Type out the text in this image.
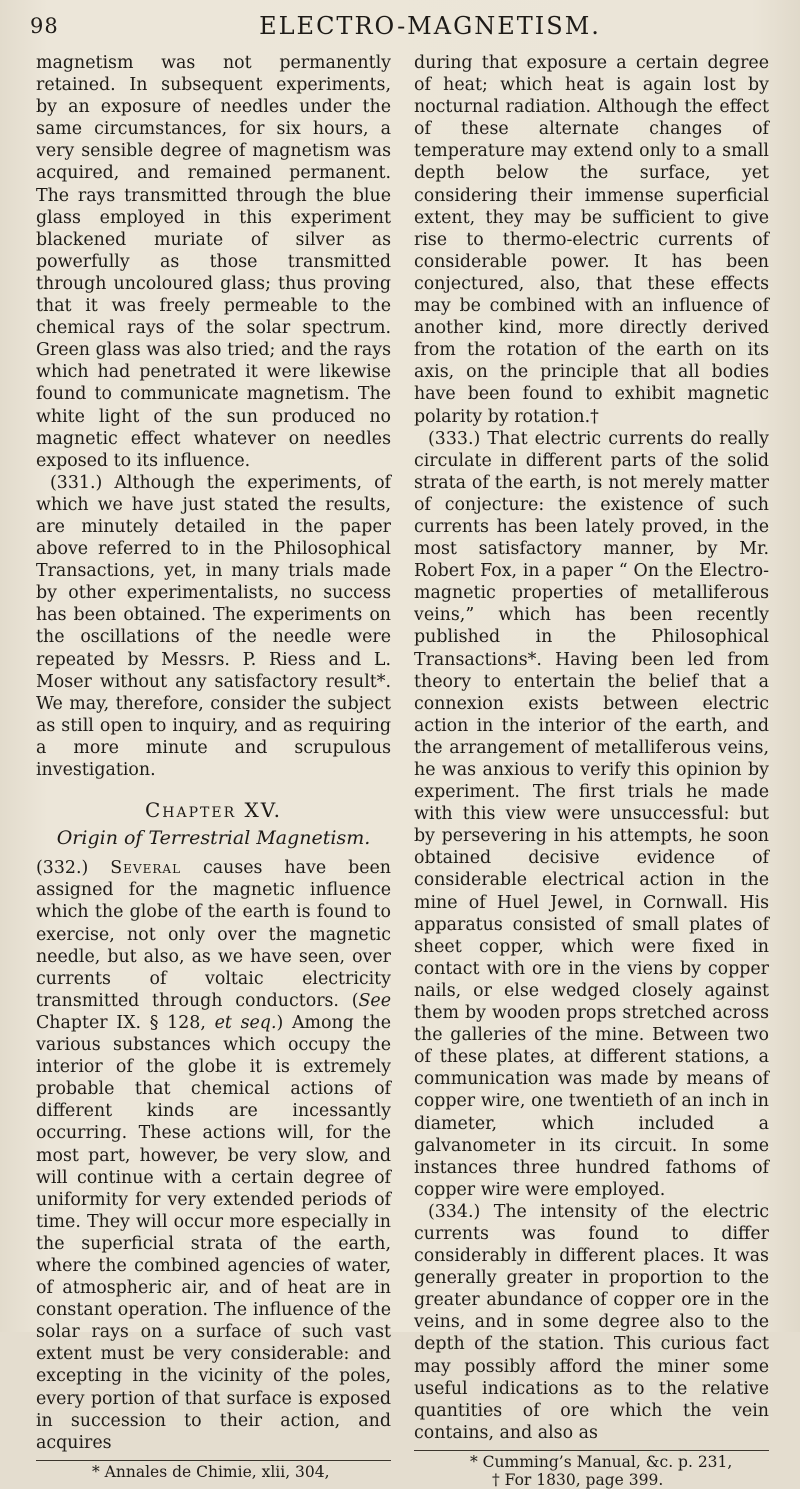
98	ELECTRO-MAGNETISM.

magnetism was not permanently retained. In subsequent experiments, by an exposure of needles under the same circumstances, for six hours, a very sensible degree of magnetism was acquired, and remained permanent. The rays transmitted through the blue glass employed in this experiment blackened muriate of silver as powerfully as those transmitted through uncoloured glass; thus proving that it was freely permeable to the chemical rays of the solar spectrum. Green glass was also tried; and the rays which had penetrated it were likewise found to communicate magnetism. The white light of the sun produced no magnetic effect whatever on needles exposed to its influence.

(331.) Although the experiments, of which we have just stated the results, are minutely detailed in the paper above referred to in the Philosophical Transactions, yet, in many trials made by other experimentalists, no success has been obtained. The experiments on the oscillations of the needle were repeated by Messrs. P. Riess and L. Moser without any satisfactory result*. We may, therefore, consider the subject as still open to inquiry, and as requiring a more minute and scrupulous investigation.

Chapter XV.
Origin of Terrestrial Magnetism.

(332.) Several causes have been assigned for the magnetic influence which the globe of the earth is found to exercise, not only over the magnetic needle, but also, as we have seen, over currents of voltaic electricity transmitted through conductors. (See Chapter IX. § 128, et seq.) Among the various substances which occupy the interior of the globe it is extremely probable that chemical actions of different kinds are incessantly occurring. These actions will, for the most part, however, be very slow, and will continue with a certain degree of uniformity for very extended periods of time. They will occur more especially in the superficial strata of the earth, where the combined agencies of water, of atmospheric air, and of heat are in constant operation. The influence of the solar rays on a surface of such vast extent must be very considerable: and excepting in the vicinity of the poles, every portion of that surface is exposed in succession to their action, and acquires

* Annales de Chimie, xlii, 304,

during that exposure a certain degree of heat; which heat is again lost by nocturnal radiation. Although the effect of these alternate changes of temperature may extend only to a small depth below the surface, yet considering their immense superficial extent, they may be sufficient to give rise to thermo-electric currents of considerable power. It has been conjectured, also, that these effects may be combined with an influence of another kind, more directly derived from the rotation of the earth on its axis, on the principle that all bodies have been found to exhibit magnetic polarity by rotation.†

(333.) That electric currents do really circulate in different parts of the solid strata of the earth, is not merely matter of conjecture: the existence of such currents has been lately proved, in the most satisfactory manner, by Mr. Robert Fox, in a paper “ On the Electro-magnetic properties of metalliferous veins,” which has been recently published in the Philosophical Transactions*. Having been led from theory to entertain the belief that a connexion exists between electric action in the interior of the earth, and the arrangement of metalliferous veins, he was anxious to verify this opinion by experiment. The first trials he made with this view were unsuccessful: but by persevering in his attempts, he soon obtained decisive evidence of considerable electrical action in the mine of Huel Jewel, in Cornwall. His apparatus consisted of small plates of sheet copper, which were fixed in contact with ore in the viens by copper nails, or else wedged closely against them by wooden props stretched across the galleries of the mine. Between two of these plates, at different stations, a communication was made by means of copper wire, one twentieth of an inch in diameter, which included a galvanometer in its circuit. In some instances three hundred fathoms of copper wire were employed.

(334.) The intensity of the electric currents was found to differ considerably in different places. It was generally greater in proportion to the greater abundance of copper ore in the veins, and in some degree also to the depth of the station. This curious fact may possibly afford the miner some useful indications as to the relative quantities of ore which the vein contains, and also as

* Cumming’s Manual, &c. p. 231,

† For 1830, page 399.
